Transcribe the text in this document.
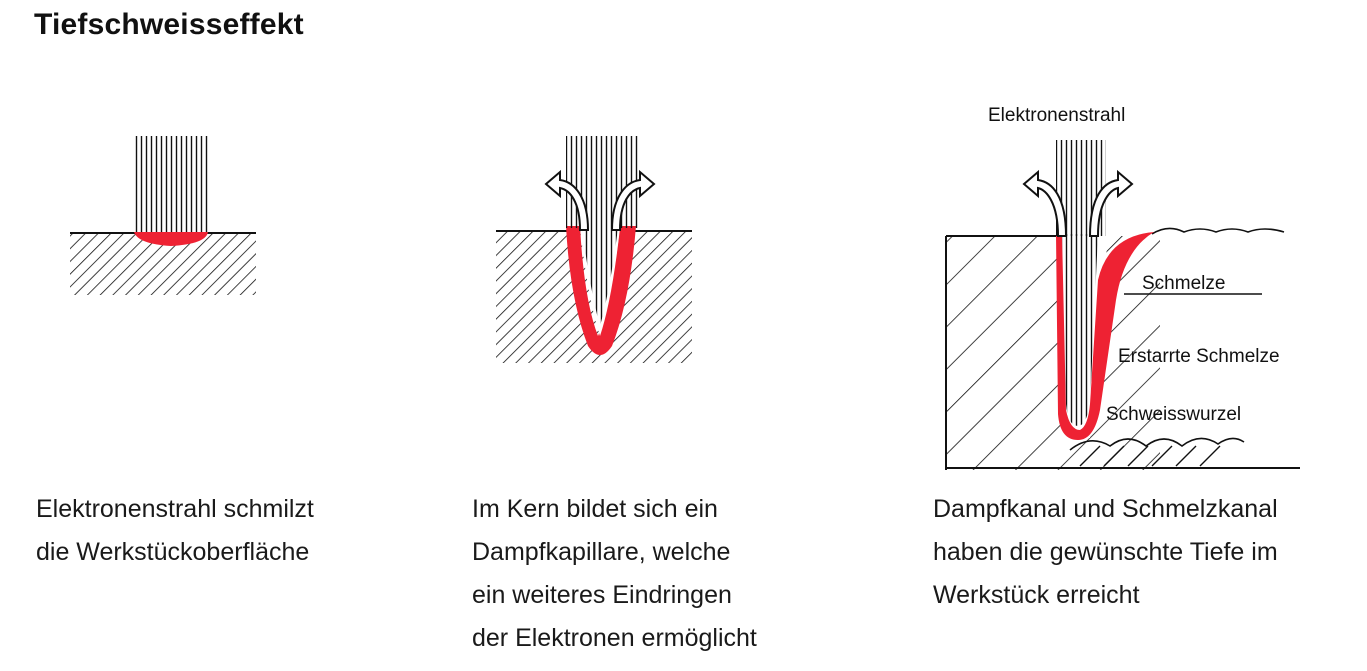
Tiefschweisseffekt
Elektronenstrahl
Schmelze
Erstarrte Schmelze
Schweisswurzel
Elektronenstrahl schmilzt
die Werkstückoberfläche
Im Kern bildet sich ein
Dampfkapillare, welche
ein weiteres Eindringen
der Elektronen ermöglicht
Dampfkanal und Schmelzkanal
haben die gewünschte Tiefe im
Werkstück erreicht
